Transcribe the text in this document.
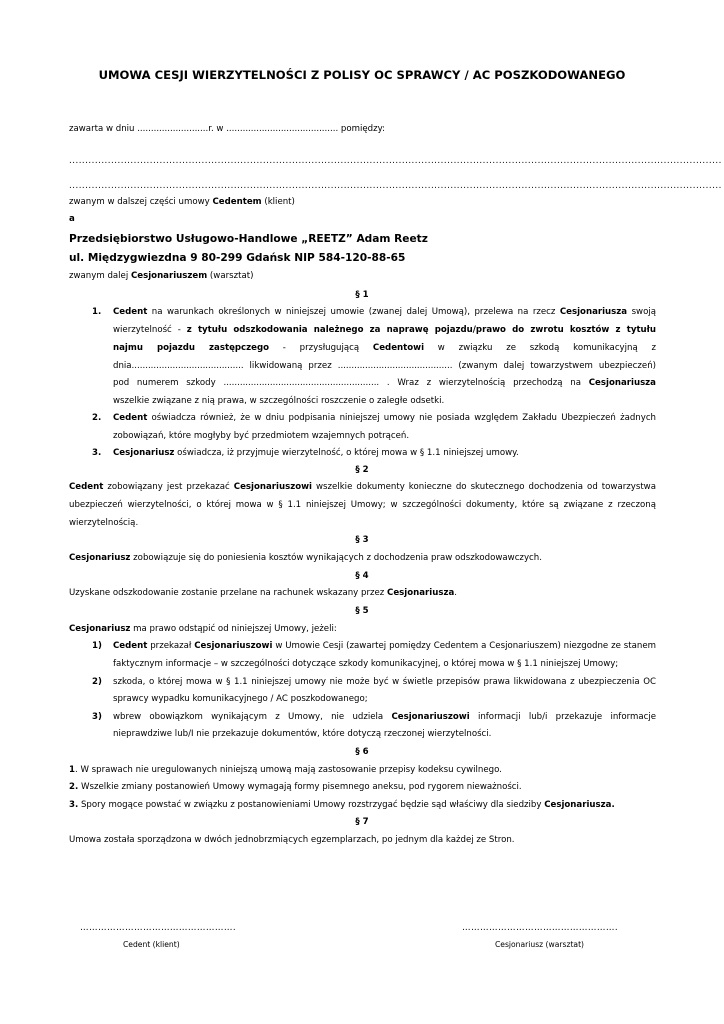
UMOWA CESJI WIERZYTELNOŚCI Z POLISY OC SPRAWCY / AC POSZKODOWANEGO
zawarta w dniu ..........................r. w ......................................... pomiędzy:
..........................................................................................................................................................................................................
..........................................................................................................................................................................................................
zwanym w dalszej części umowy Cedentem (klient)
a
Przedsiębiorstwo Usługowo-Handlowe „REETZ” Adam Reetz
ul. Międzygwiezdna 9 80-299 Gdańsk NIP 584-120-88-65
zwanym dalej Cesjonariuszem (warsztat)
§ 1
1. Cedent na warunkach określonych w niniejszej umowie (zwanej dalej Umową), przelewa na rzecz Cesjonariusza swoją
wierzytelność - z tytułu odszkodowania należnego za naprawę pojazdu/prawo do zwrotu kosztów z tytułu
najmu pojazdu zastępczego - przysługującą Cedentowi w związku ze szkodą komunikacyjną z
dnia......................................... likwidowaną przez .......................................... (zwanym dalej towarzystwem ubezpieczeń)
pod numerem szkody ......................................................... . Wraz z wierzytelnością przechodzą na Cesjonariusza
wszelkie związane z nią prawa, w szczególności roszczenie o zaległe odsetki.
2. Cedent oświadcza również, że w dniu podpisania niniejszej umowy nie posiada względem Zakładu Ubezpieczeń żadnych
zobowiązań, które mogłyby być przedmiotem wzajemnych potrąceń.
3. Cesjonariusz oświadcza, iż przyjmuje wierzytelność, o której mowa w § 1.1 niniejszej umowy.
§ 2
Cedent zobowiązany jest przekazać Cesjonariuszowi wszelkie dokumenty konieczne do skutecznego dochodzenia od towarzystwa
ubezpieczeń wierzytelności, o której mowa w § 1.1 niniejszej Umowy; w szczególności dokumenty, które są związane z rzeczoną
wierzytelnością.
§ 3
Cesjonariusz zobowiązuje się do poniesienia kosztów wynikających z dochodzenia praw odszkodowawczych.
§ 4
Uzyskane odszkodowanie zostanie przelane na rachunek wskazany przez Cesjonariusza.
§ 5
Cesjonariusz ma prawo odstąpić od niniejszej Umowy, jeżeli:
1) Cedent przekazał Cesjonariuszowi w Umowie Cesji (zawartej pomiędzy Cedentem a Cesjonariuszem) niezgodne ze stanem
faktycznym informacje – w szczególności dotyczące szkody komunikacyjnej, o której mowa w § 1.1 niniejszej Umowy;
2) szkoda, o której mowa w § 1.1 niniejszej umowy nie może być w świetle przepisów prawa likwidowana z ubezpieczenia OC
sprawcy wypadku komunikacyjnego / AC poszkodowanego;
3) wbrew obowiązkom wynikającym z Umowy, nie udziela Cesjonariuszowi informacji lub/i przekazuje informacje
nieprawdziwe lub/I nie przekazuje dokumentów, które dotyczą rzeczonej wierzytelności.
§ 6
1. W sprawach nie uregulowanych niniejszą umową mają zastosowanie przepisy kodeksu cywilnego.
2. Wszelkie zmiany postanowień Umowy wymagają formy pisemnego aneksu, pod rygorem nieważności.
3. Spory mogące powstać w związku z postanowieniami Umowy rozstrzygać będzie sąd właściwy dla siedziby Cesjonariusza.
§ 7
Umowa została sporządzona w dwóch jednobrzmiących egzemplarzach, po jednym dla każdej ze Stron.
…………………………………………….
Cedent (klient)
…………………………………………….
Cesjonariusz (warsztat)
